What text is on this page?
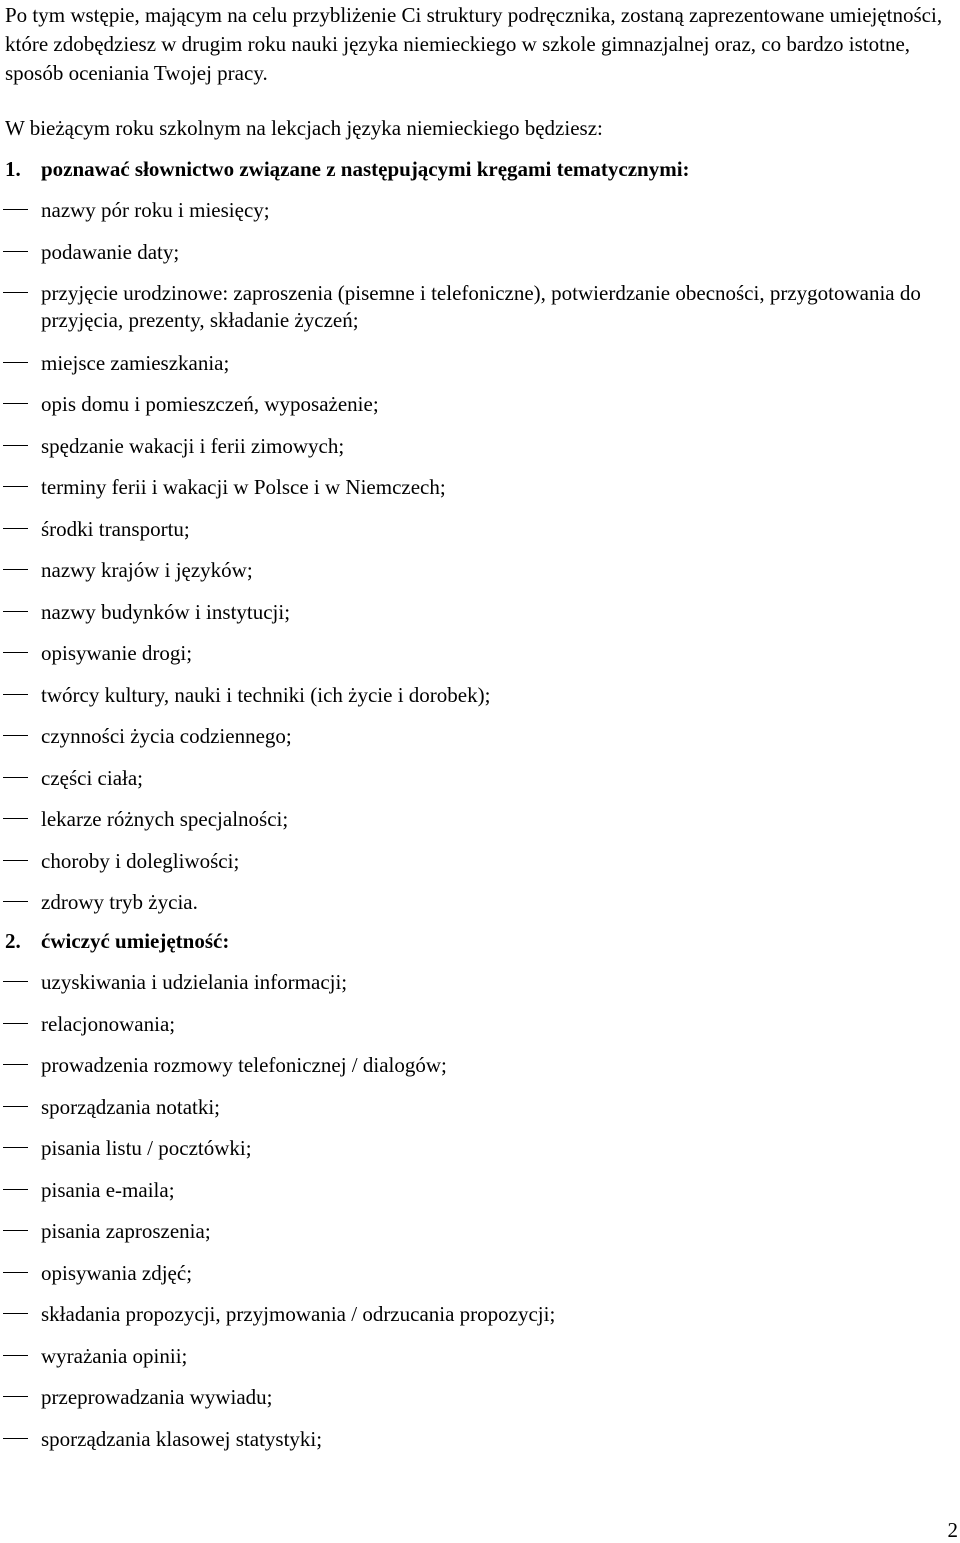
Po tym wstępie, mającym na celu przybliżenie Ci struktury podręcznika, zostaną zaprezentowane umiejętności, które zdobędziesz w drugim roku nauki języka niemieckiego w szkole gimnazjalnej oraz, co bardzo istotne, sposób oceniania Twojej pracy.

W bieżącym roku szkolnym na lekcjach języka niemieckiego będziesz:

1. poznawać słownictwo związane z następującymi kręgami tematycznymi:

nazwy pór roku i miesięcy;
podawanie daty;
przyjęcie urodzinowe: zaproszenia (pisemne i telefoniczne), potwierdzanie obecności, przygotowania do przyjęcia, prezenty, składanie życzeń;
miejsce zamieszkania;
opis domu i pomieszczeń, wyposażenie;
spędzanie wakacji i ferii zimowych;
terminy ferii i wakacji w Polsce i w Niemczech;
środki transportu;
nazwy krajów i języków;
nazwy budynków i instytucji;
opisywanie drogi;
twórcy kultury, nauki i techniki (ich życie i dorobek);
czynności życia codziennego;
części ciała;
lekarze różnych specjalności;
choroby i dolegliwości;
zdrowy tryb życia.

2. ćwiczyć umiejętność:

uzyskiwania i udzielania informacji;
relacjonowania;
prowadzenia rozmowy telefonicznej / dialogów;
sporządzania notatki;
pisania listu / pocztówki;
pisania e-maila;
pisania zaproszenia;
opisywania zdjęć;
składania propozycji, przyjmowania / odrzucania propozycji;
wyrażania opinii;
przeprowadzania wywiadu;
sporządzania klasowej statystyki;

2
